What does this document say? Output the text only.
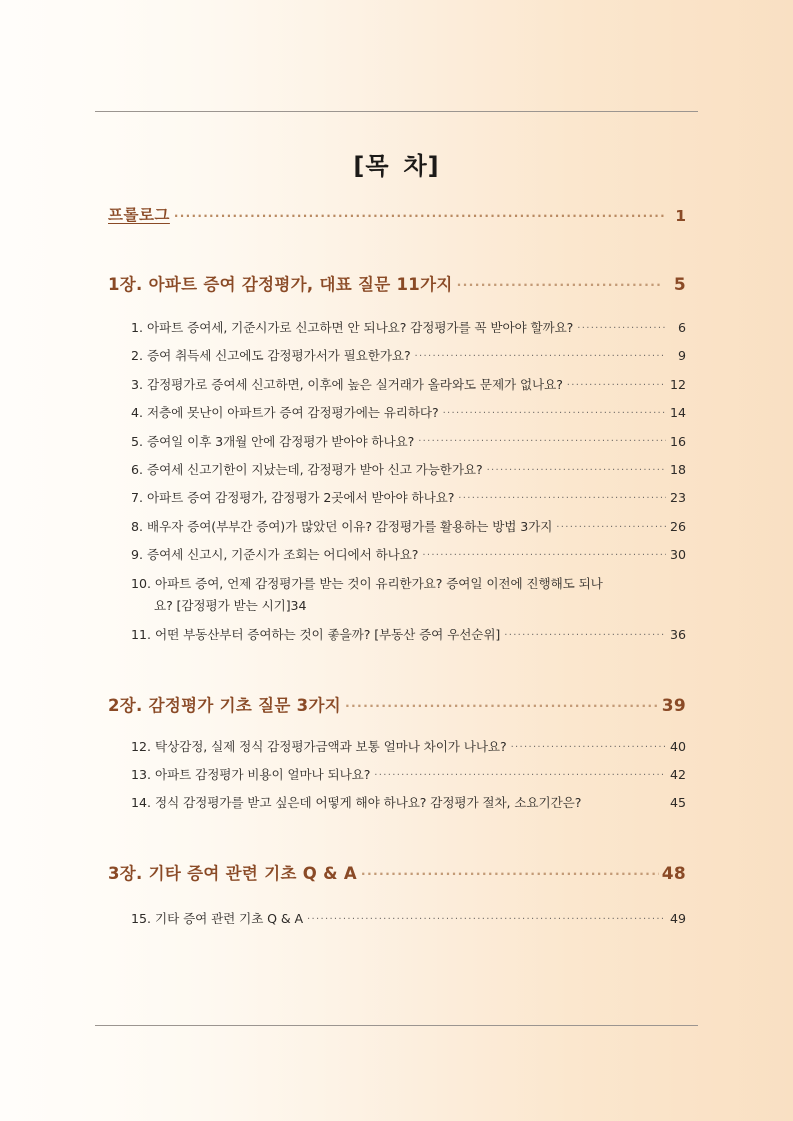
[목 차]
프롤로그 ·····	1
1장. 아파트 증여 감정평가, 대표 질문 11가지 ·····	5
1. 아파트 증여세, 기준시가로 신고하면 안 되나요? 감정평가를 꼭 받아야 할까요? ·····	6
2. 증여 취득세 신고에도 감정평가서가 필요한가요? ·····	9
3. 감정평가로 증여세 신고하면, 이후에 높은 실거래가 올라와도 문제가 없나요? ·····	12
4. 저층에 못난이 아파트가 증여 감정평가에는 유리하다? ·····	14
5. 증여일 이후 3개월 안에 감정평가 받아야 하나요? ·····	16
6. 증여세 신고기한이 지났는데, 감정평가 받아 신고 가능한가요? ·····	18
7. 아파트 증여 감정평가, 감정평가 2곳에서 받아야 하나요? ·····	23
8. 배우자 증여(부부간 증여)가 많았던 이유? 감정평가를 활용하는 방법 3가지 ·····	26
9. 증여세 신고시, 기준시가 조회는 어디에서 하나요? ·····	30
10. 아파트 증여, 언제 감정평가를 받는 것이 유리한가요? 증여일 이전에 진행해도 되나
요? [감정평가 받는 시기] 34
11. 어떤 부동산부터 증여하는 것이 좋을까? [부동산 증여 우선순위] ·····	36
2장. 감정평가 기초 질문 3가지 ·····	39
12. 탁상감정, 실제 정식 감정평가금액과 보통 얼마나 차이가 나나요? ·····	40
13. 아파트 감정평가 비용이 얼마나 되나요? ·····	42
14. 정식 감정평가를 받고 싶은데 어떻게 해야 하나요? 감정평가 절차, 소요기간은?	45
3장. 기타 증여 관련 기초 Q & A ·····	48
15. 기타 증여 관련 기초 Q & A ·····	49
